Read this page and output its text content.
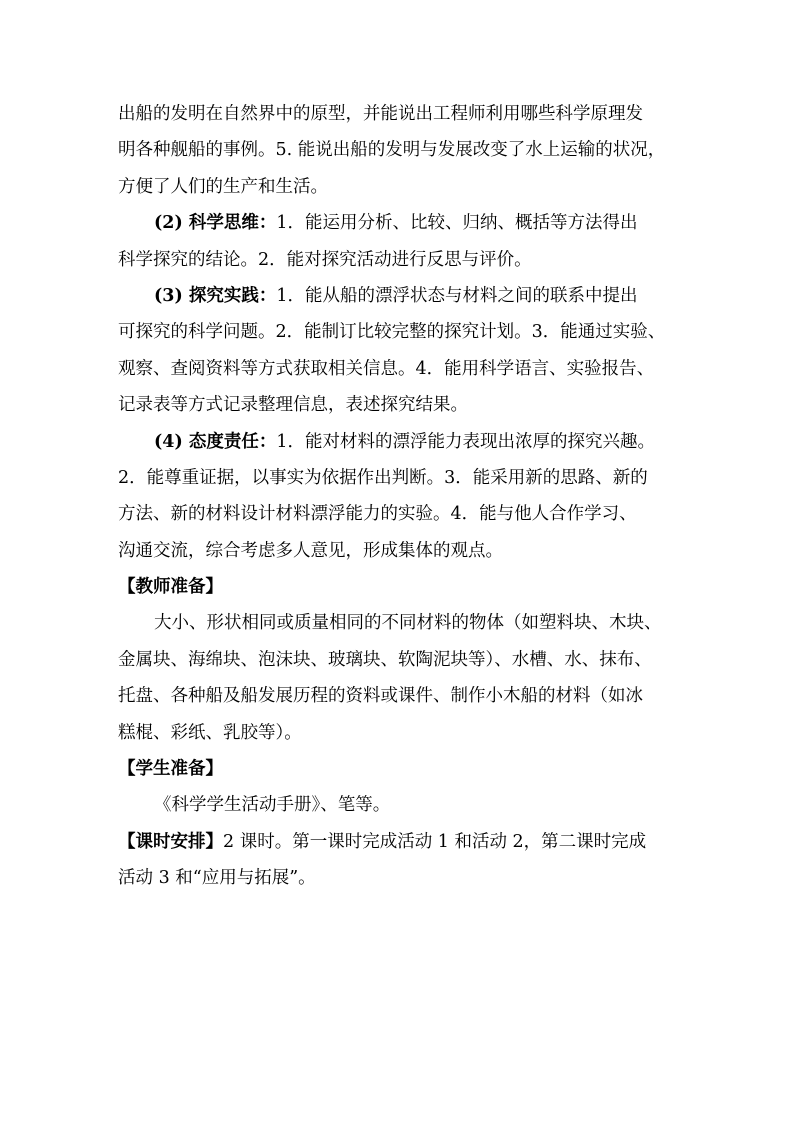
出船的发明在自然界中的原型，并能说出工程师利用哪些科学原理发
明各种舰船的事例。5. 能说出船的发明与发展改变了水上运输的状况，
方便了人们的生产和生活。
(2) 科学思维：1．能运用分析、比较、归纳、概括等方法得出
科学探究的结论。2．能对探究活动进行反思与评价。
(3) 探究实践：1．能从船的漂浮状态与材料之间的联系中提出
可探究的科学问题。2．能制订比较完整的探究计划。3．能通过实验、
观察、查阅资料等方式获取相关信息。4．能用科学语言、实验报告、
记录表等方式记录整理信息，表述探究结果。
(4) 态度责任：1．能对材料的漂浮能力表现出浓厚的探究兴趣。
2．能尊重证据，以事实为依据作出判断。3．能采用新的思路、新的
方法、新的材料设计材料漂浮能力的实验。4．能与他人合作学习、
沟通交流，综合考虑多人意见，形成集体的观点。
【教师准备】
大小、形状相同或质量相同的不同材料的物体（如塑料块、木块、
金属块、海绵块、泡沫块、玻璃块、软陶泥块等）、水槽、水、抹布、
托盘、各种船及船发展历程的资料或课件、制作小木船的材料（如冰
糕棍、彩纸、乳胶等）。
【学生准备】
《科学学生活动手册》、笔等。
【课时安排】2 课时。第一课时完成活动 1 和活动 2，第二课时完成
活动 3 和“应用与拓展”。
